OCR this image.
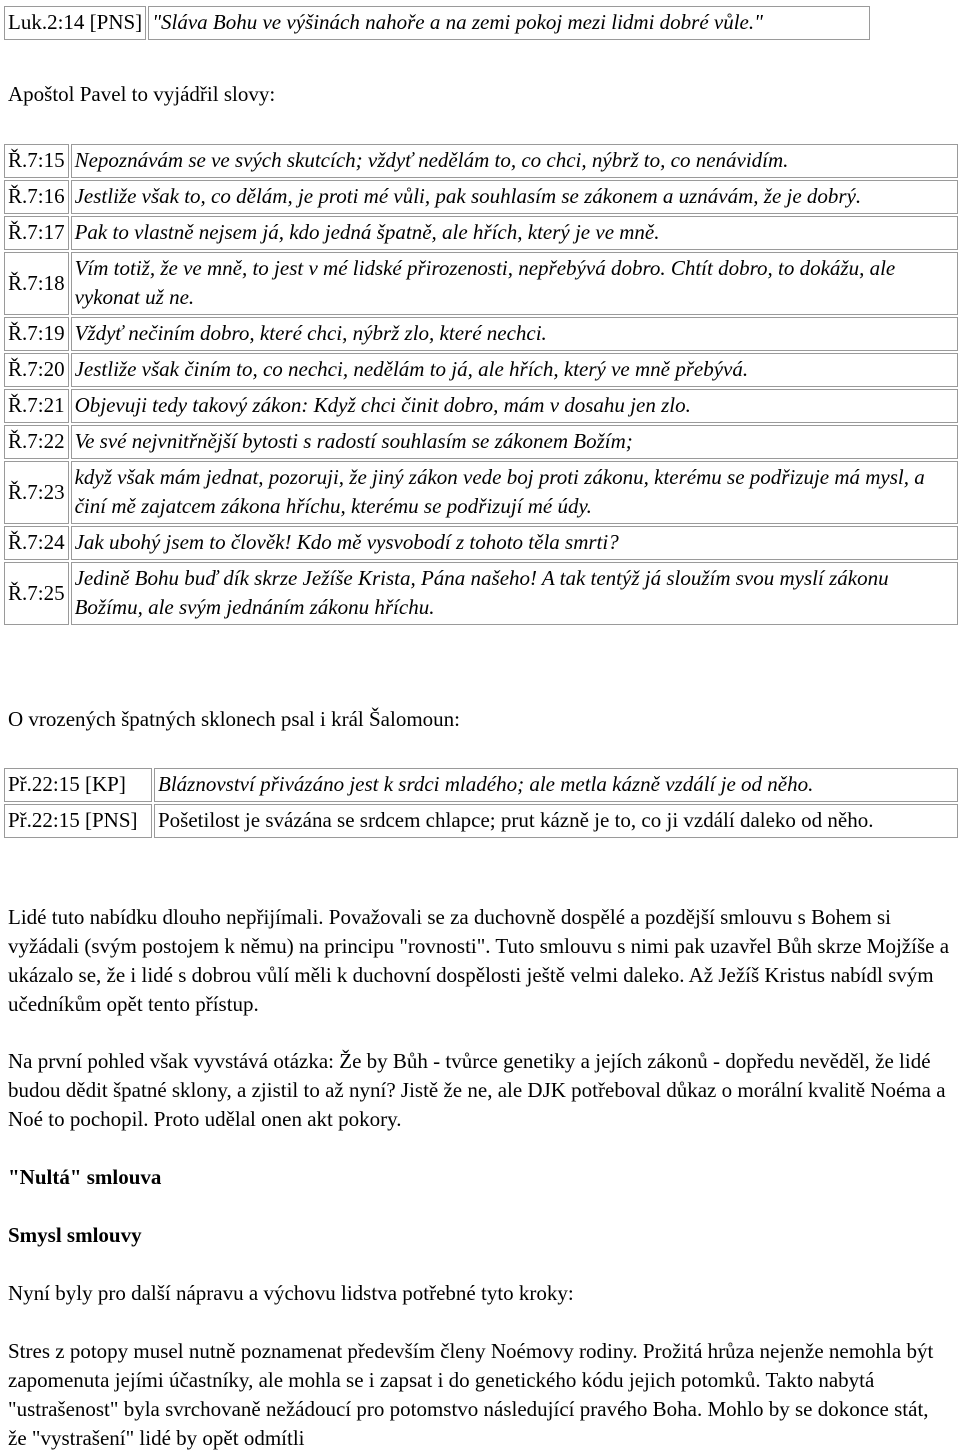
Luk.2:14 [PNS]	"Sláva Bohu ve výšinách nahoře a na zemi pokoj mezi lidmi dobré vůle."

Apoštol Pavel to vyjádřil slovy:

Ř.7:15	Nepoznávám se ve svých skutcích; vždyť nedělám to, co chci, nýbrž to, co nenávidím.
Ř.7:16	Jestliže však to, co dělám, je proti mé vůli, pak souhlasím se zákonem a uznávám, že je dobrý.
Ř.7:17	Pak to vlastně nejsem já, kdo jedná špatně, ale hřích, který je ve mně.
Ř.7:18	Vím totiž, že ve mně, to jest v mé lidské přirozenosti, nepřebývá dobro. Chtít dobro, to dokážu, ale vykonat už ne.
Ř.7:19	Vždyť nečiním dobro, které chci, nýbrž zlo, které nechci.
Ř.7:20	Jestliže však činím to, co nechci, nedělám to já, ale hřích, který ve mně přebývá.
Ř.7:21	Objevuji tedy takový zákon: Když chci činit dobro, mám v dosahu jen zlo.
Ř.7:22	Ve své nejvnitřnější bytosti s radostí souhlasím se zákonem Božím;
Ř.7:23	když však mám jednat, pozoruji, že jiný zákon vede boj proti zákonu, kterému se podřizuje má mysl, a činí mě zajatcem zákona hříchu, kterému se podřizují mé údy.
Ř.7:24	Jak ubohý jsem to člověk! Kdo mě vysvobodí z tohoto těla smrti?
Ř.7:25	Jedině Bohu buď dík skrze Ježíše Krista, Pána našeho! A tak tentýž já sloužím svou myslí zákonu Božímu, ale svým jednáním zákonu hříchu.

O vrozených špatných sklonech psal i král Šalomoun:

Př.22:15 [KP]	Bláznovství přivázáno jest k srdci mladého; ale metla kázně vzdálí je od něho.
Př.22:15 [PNS]	Pošetilost je svázána se srdcem chlapce; prut kázně je to, co ji vzdálí daleko od něho.

Lidé tuto nabídku dlouho nepřijímali. Považovali se za duchovně dospělé a pozdější smlouvu s Bohem si vyžádali (svým postojem k němu) na principu "rovnosti". Tuto smlouvu s nimi pak uzavřel Bůh skrze Mojžíše a ukázalo se, že i lidé s dobrou vůlí měli k duchovní dospělosti ještě velmi daleko. Až Ježíš Kristus nabídl svým učedníkům opět tento přístup.

Na první pohled však vyvstává otázka: Že by Bůh - tvůrce genetiky a jejích zákonů - dopředu nevěděl, že lidé budou dědit špatné sklony, a zjistil to až nyní? Jistě že ne, ale DJK potřeboval důkaz o morální kvalitě Noéma a Noé to pochopil. Proto udělal onen akt pokory.

"Nultá" smlouva

Smysl smlouvy

Nyní byly pro další nápravu a výchovu lidstva potřebné tyto kroky:

Stres z potopy musel nutně poznamenat především členy Noémovy rodiny. Prožitá hrůza nejenže nemohla být zapomenuta jejími účastníky, ale mohla se i zapsat i do genetického kódu jejich potomků. Takto nabytá "ustrašenost" byla svrchovaně nežádoucí pro potomstvo následující pravého Boha. Mohlo by se dokonce stát, že "vystrašení" lidé by opět odmítli
